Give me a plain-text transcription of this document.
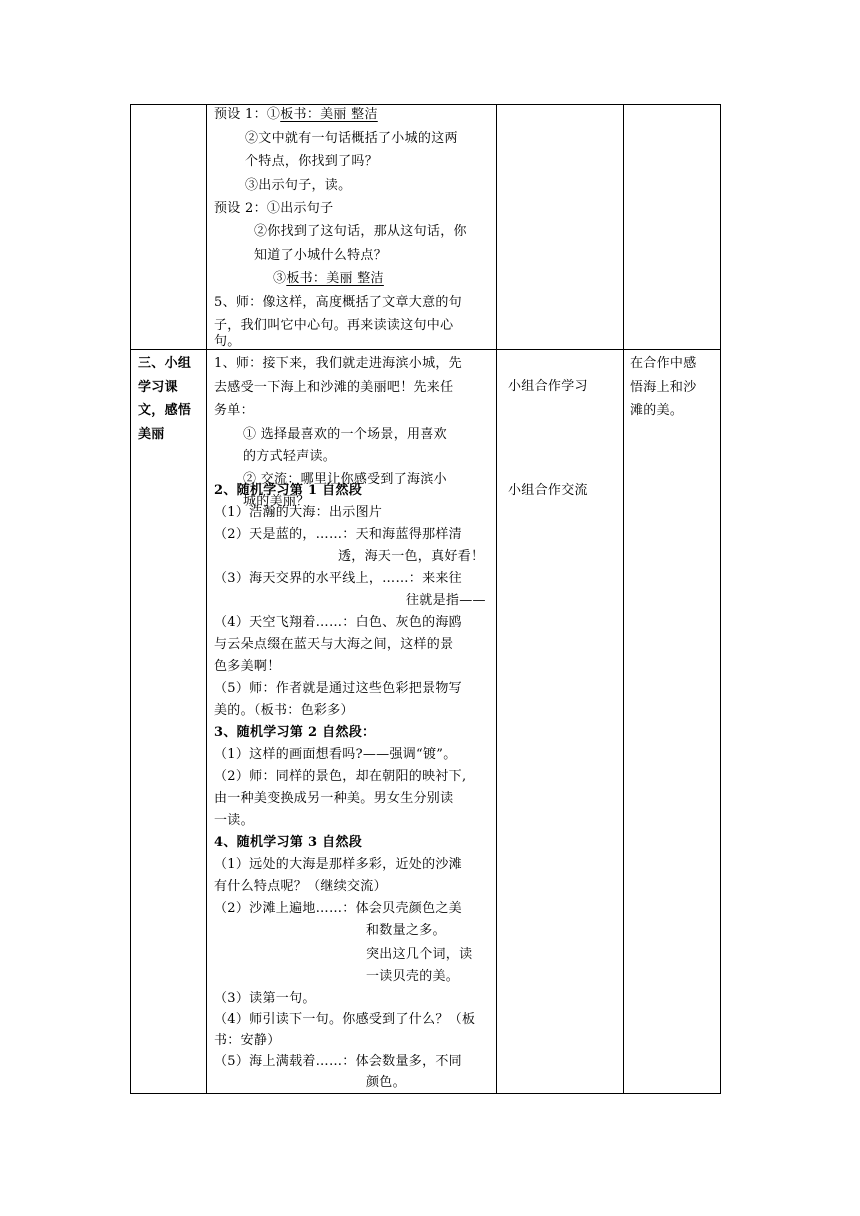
预设 1：①板书：美丽 整洁
②文中就有一句话概括了小城的这两
个特点，你找到了吗？
③出示句子，读。
预设 2：①出示句子
②你找到了这句话，那从这句话，你
知道了小城什么特点？
③板书：美丽 整洁
5、师：像这样，高度概括了文章大意的句
子，我们叫它中心句。再来读读这句中心
句。
三、小组
学习课
文，感悟
美丽
1、师：接下来，我们就走进海滨小城，先
去感受一下海上和沙滩的美丽吧！先来任
务单：
① 选择最喜欢的一个场景，用喜欢
的方式轻声读。
② 交流：哪里让你感受到了海滨小
城的美丽？
2、随机学习第 1 自然段
（1）浩瀚的大海：出示图片
（2）天是蓝的，……：天和海蓝得那样清
透，海天一色，真好看！
（3）海天交界的水平线上，……：来来往
往就是指——
（4）天空飞翔着……：白色、灰色的海鸥
与云朵点缀在蓝天与大海之间，这样的景
色多美啊！
（5）师：作者就是通过这些色彩把景物写
美的。（板书：色彩多）
3、随机学习第 2 自然段：
（1）这样的画面想看吗?——强调“镀”。
（2）师：同样的景色，却在朝阳的映衬下,
由一种美变换成另一种美。男女生分别读
一读。
4、随机学习第 3 自然段
（1）远处的大海是那样多彩，近处的沙滩
有什么特点呢？（继续交流）
（2）沙滩上遍地……：体会贝壳颜色之美
和数量之多。
突出这几个词，读
一读贝壳的美。
（3）读第一句。
（4）师引读下一句。你感受到了什么？（板
书：安静）
小组合作学习
小组合作交流
在合作中感
悟海上和沙
滩的美。
（5）海上满载着……：体会数量多，不同
颜色。
